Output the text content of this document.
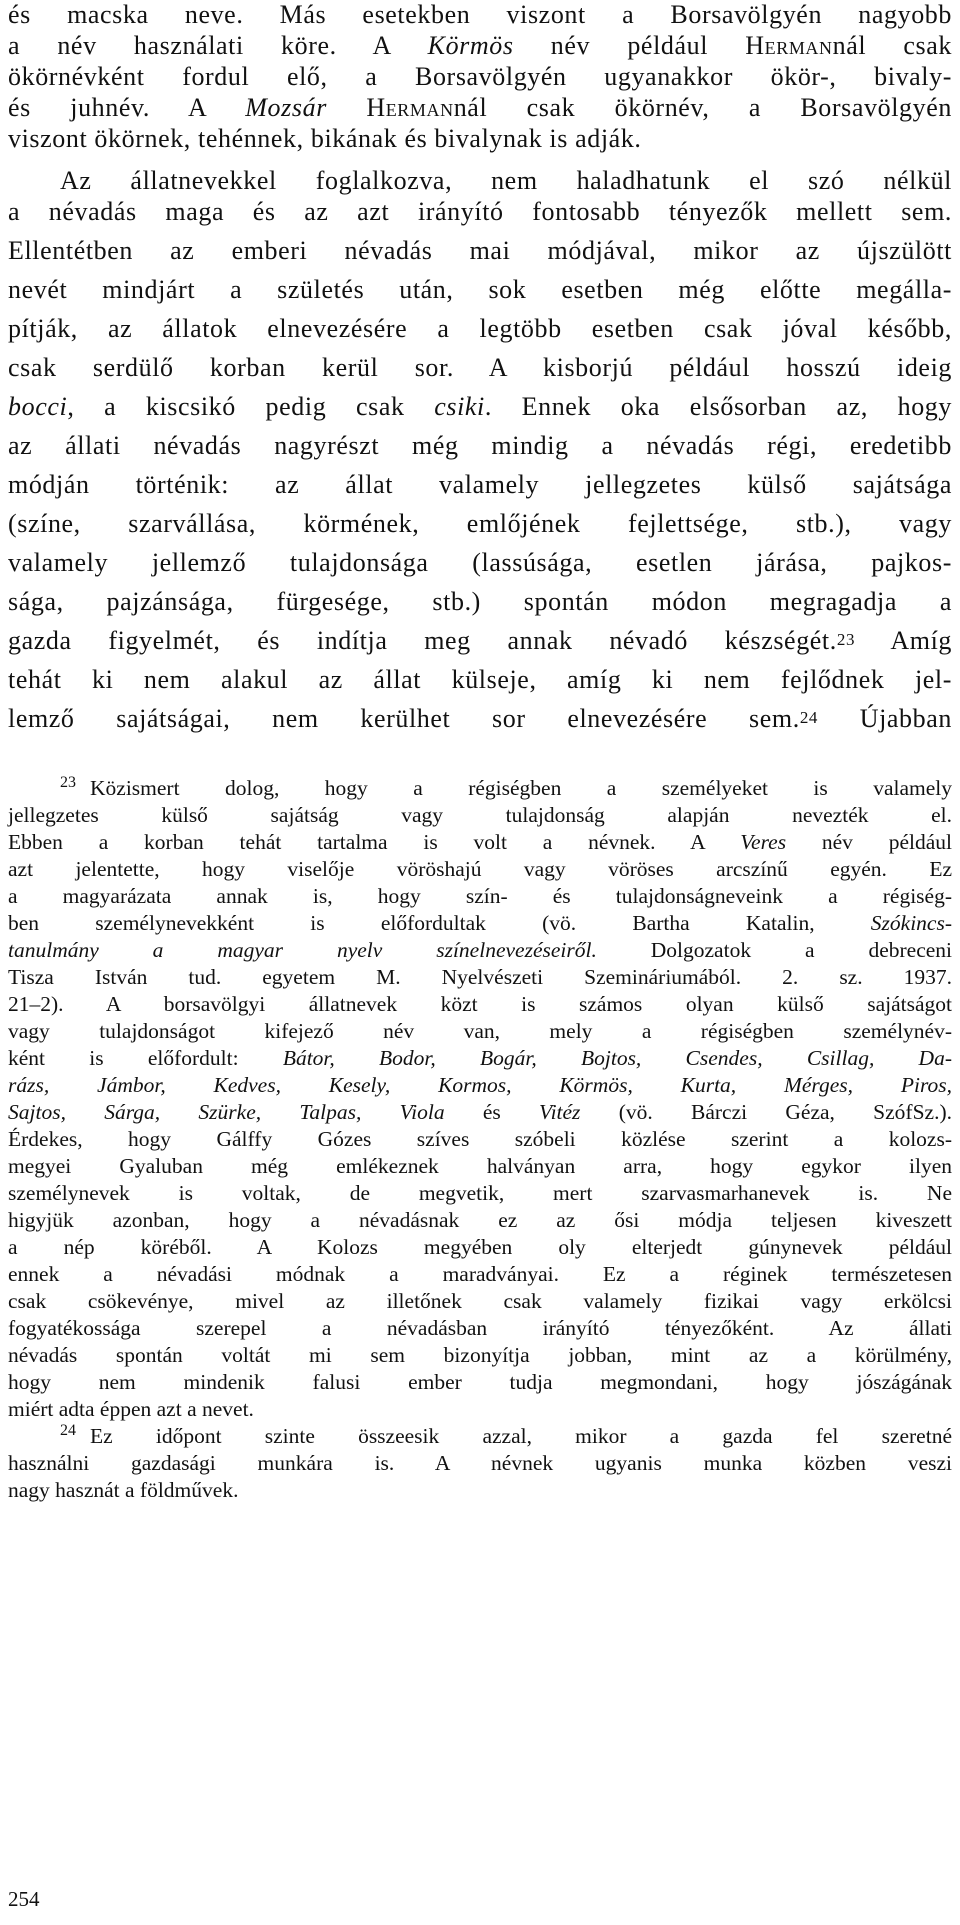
és macska neve. Más esetekben viszont a Borsavölgyén nagyobb
a név használati köre. A Körmös név például Hermannál csak
ökörnévként fordul elő, a Borsavölgyén ugyanakkor ökör-, bivaly-
és juhnév. A Mozsár Hermannál csak ökörnév, a Borsavölgyén
viszont ökörnek, tehénnek, bikának és bivalynak is adják.
Az állatnevekkel foglalkozva, nem haladhatunk el szó nélkül
a névadás maga és az azt irányító fontosabb tényezők mellett sem.
Ellentétben az emberi névadás mai módjával, mikor az újszülött
nevét mindjárt a születés után, sok esetben még előtte megálla-
pítják, az állatok elnevezésére a legtöbb esetben csak jóval később,
csak serdülő korban kerül sor. A kisborjú például hosszú ideig
bocci, a kiscsikó pedig csak csiki. Ennek oka elsősorban az, hogy
az állati névadás nagyrészt még mindig a névadás régi, eredetibb
módján történik: az állat valamely jellegzetes külső sajátsága
(színe, szarvállása, körmének, emlőjének fejlettsége, stb.), vagy
valamely jellemző tulajdonsága (lassúsága, esetlen járása, pajkos-
sága, pajzánsága, fürgesége, stb.) spontán módon megragadja a
gazda figyelmét, és indítja meg annak névadó készségét.$^{23}$ Amíg
tehát ki nem alakul az állat külseje, amíg ki nem fejlődnek jel-
lemző sajátságai, nem kerülhet sor elnevezésére sem.$^{24}$ Újabban
$^{23}$ Közismert dolog, hogy a régiségben a személyeket is valamely
jellegzetes külső sajátság vagy tulajdonság alapján nevezték el.
Ebben a korban tehát tartalma is volt a névnek. A Veres név például
azt jelentette, hogy viselője vöröshajú vagy vöröses arcszínű egyén. Ez
a magyarázata annak is, hogy szín- és tulajdonságneveink a régiség-
ben személynevekként is előfordultak (vö. Bartha Katalin, Szókincs-
tanulmány a magyar nyelv színelnevezéseiről. Dolgozatok a debreceni
Tisza István tud. egyetem M. Nyelvészeti Szemináriumából. 2. sz. 1937.
21–2). A borsavölgyi állatnevek közt is számos olyan külső sajátságot
vagy tulajdonságot kifejező név van, mely a régiségben személynév-
ként is előfordult: Bátor, Bodor, Bogár, Bojtos, Csendes, Csillag, Da-
rázs, Jámbor, Kedves, Kesely, Kormos, Körmös, Kurta, Mérges, Piros,
Sajtos, Sárga, Szürke, Talpas, Viola és Vitéz (vö. Bárczi Géza, SzófSz.).
Érdekes, hogy Gálffy Gózes szíves szóbeli közlése szerint a kolozs-
megyei Gyaluban még emlékeznek halványan arra, hogy egykor ilyen
személynevek is voltak, de megvetik, mert szarvasmarhanevek is. Ne
higyjük azonban, hogy a névadásnak ez az ősi módja teljesen kiveszett
a nép köréből. A Kolozs megyében oly elterjedt gúnynevek például
ennek a névadási módnak a maradványai. Ez a réginek természetesen
csak csökevénye, mivel az illetőnek csak valamely fizikai vagy erkölcsi
fogyatékossága szerepel a névadásban irányító tényezőként. Az állati
névadás spontán voltát mi sem bizonyítja jobban, mint az a körülmény,
hogy nem mindenik falusi ember tudja megmondani, hogy jószágának
miért adta éppen azt a nevet.
$^{24}$ Ez időpont szinte összeesik azzal, mikor a gazda fel szeretné
használni gazdasági munkára is. A névnek ugyanis munka közben veszi
nagy hasznát a földművek.
254
